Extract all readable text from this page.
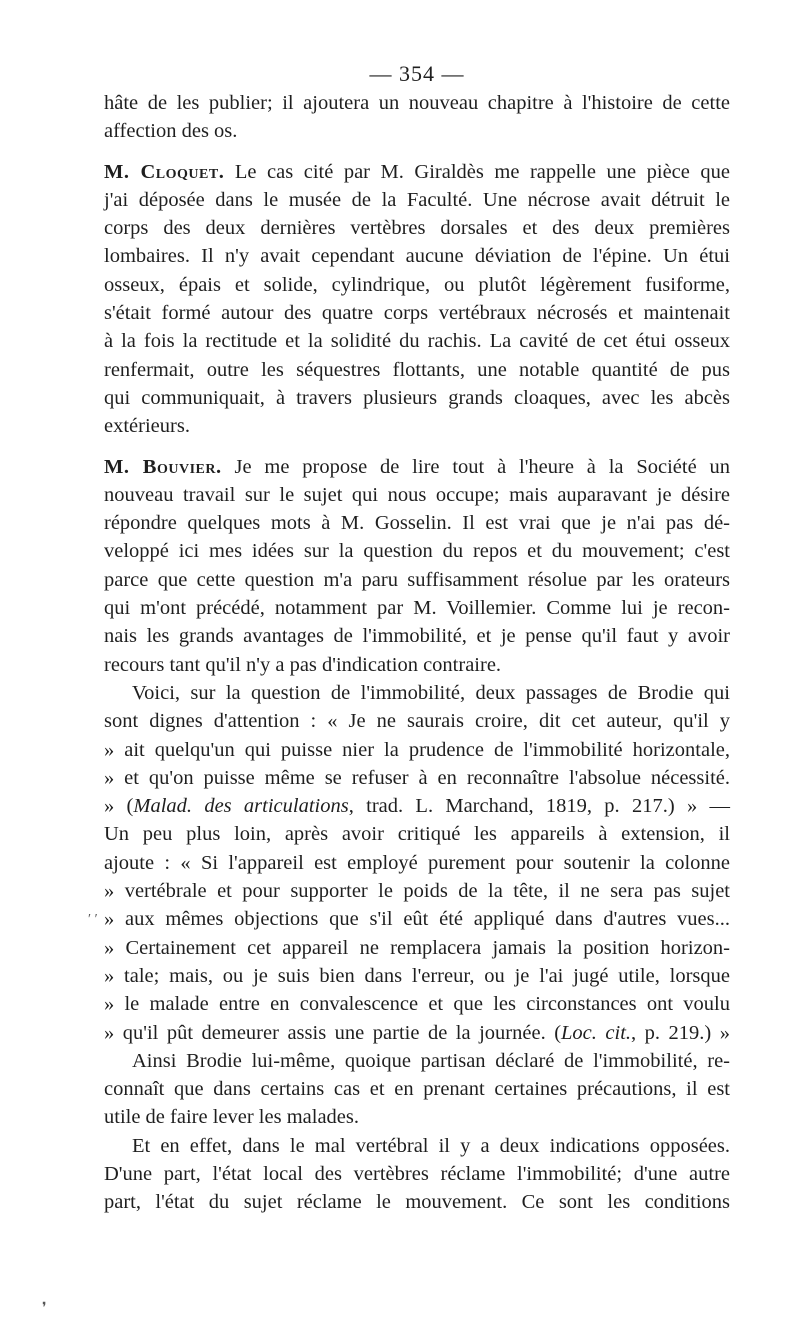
— 354 —

hâte de les publier; il ajoutera un nouveau chapitre à l'histoire de cette
affection des os.

M. Cloquet. Le cas cité par M. Giraldès me rappelle une pièce que
j'ai déposée dans le musée de la Faculté. Une nécrose avait détruit le
corps des deux dernières vertèbres dorsales et des deux premières
lombaires. Il n'y avait cependant aucune déviation de l'épine. Un étui
osseux, épais et solide, cylindrique, ou plutôt légèrement fusiforme,
s'était formé autour des quatre corps vertébraux nécrosés et maintenait
à la fois la rectitude et la solidité du rachis. La cavité de cet étui osseux
renfermait, outre les séquestres flottants, une notable quantité de pus
qui communiquait, à travers plusieurs grands cloaques, avec les abcès
extérieurs.

M. Bouvier. Je me propose de lire tout à l'heure à la Société un
nouveau travail sur le sujet qui nous occupe; mais auparavant je désire
répondre quelques mots à M. Gosselin. Il est vrai que je n'ai pas dé-
veloppé ici mes idées sur la question du repos et du mouvement; c'est
parce que cette question m'a paru suffisamment résolue par les orateurs
qui m'ont précédé, notamment par M. Voillemier. Comme lui je recon-
nais les grands avantages de l'immobilité, et je pense qu'il faut y avoir
recours tant qu'il n'y a pas d'indication contraire.

Voici, sur la question de l'immobilité, deux passages de Brodie qui
sont dignes d'attention : « Je ne saurais croire, dit cet auteur, qu'il y
» ait quelqu'un qui puisse nier la prudence de l'immobilité horizontale,
» et qu'on puisse même se refuser à en reconnaître l'absolue nécessité.
» (Malad. des articulations, trad. L. Marchand, 1819, p. 217.) » —
Un peu plus loin, après avoir critiqué les appareils à extension, il
ajoute : « Si l'appareil est employé purement pour soutenir la colonne
» vertébrale et pour supporter le poids de la tête, il ne sera pas sujet
» aux mêmes objections que s'il eût été appliqué dans d'autres vues...
» Certainement cet appareil ne remplacera jamais la position horizon-
» tale; mais, ou je suis bien dans l'erreur, ou je l'ai jugé utile, lorsque
» le malade entre en convalescence et que les circonstances ont voulu
» qu'il pût demeurer assis une partie de la journée. (Loc. cit., p. 219.) »

Ainsi Brodie lui-même, quoique partisan déclaré de l'immobilité, re-
connaît que dans certains cas et en prenant certaines précautions, il est
utile de faire lever les malades.

Et en effet, dans le mal vertébral il y a deux indications opposées.
D'une part, l'état local des vertèbres réclame l'immobilité; d'une autre
part, l'état du sujet réclame le mouvement. Ce sont les conditions

′ ′
❜
